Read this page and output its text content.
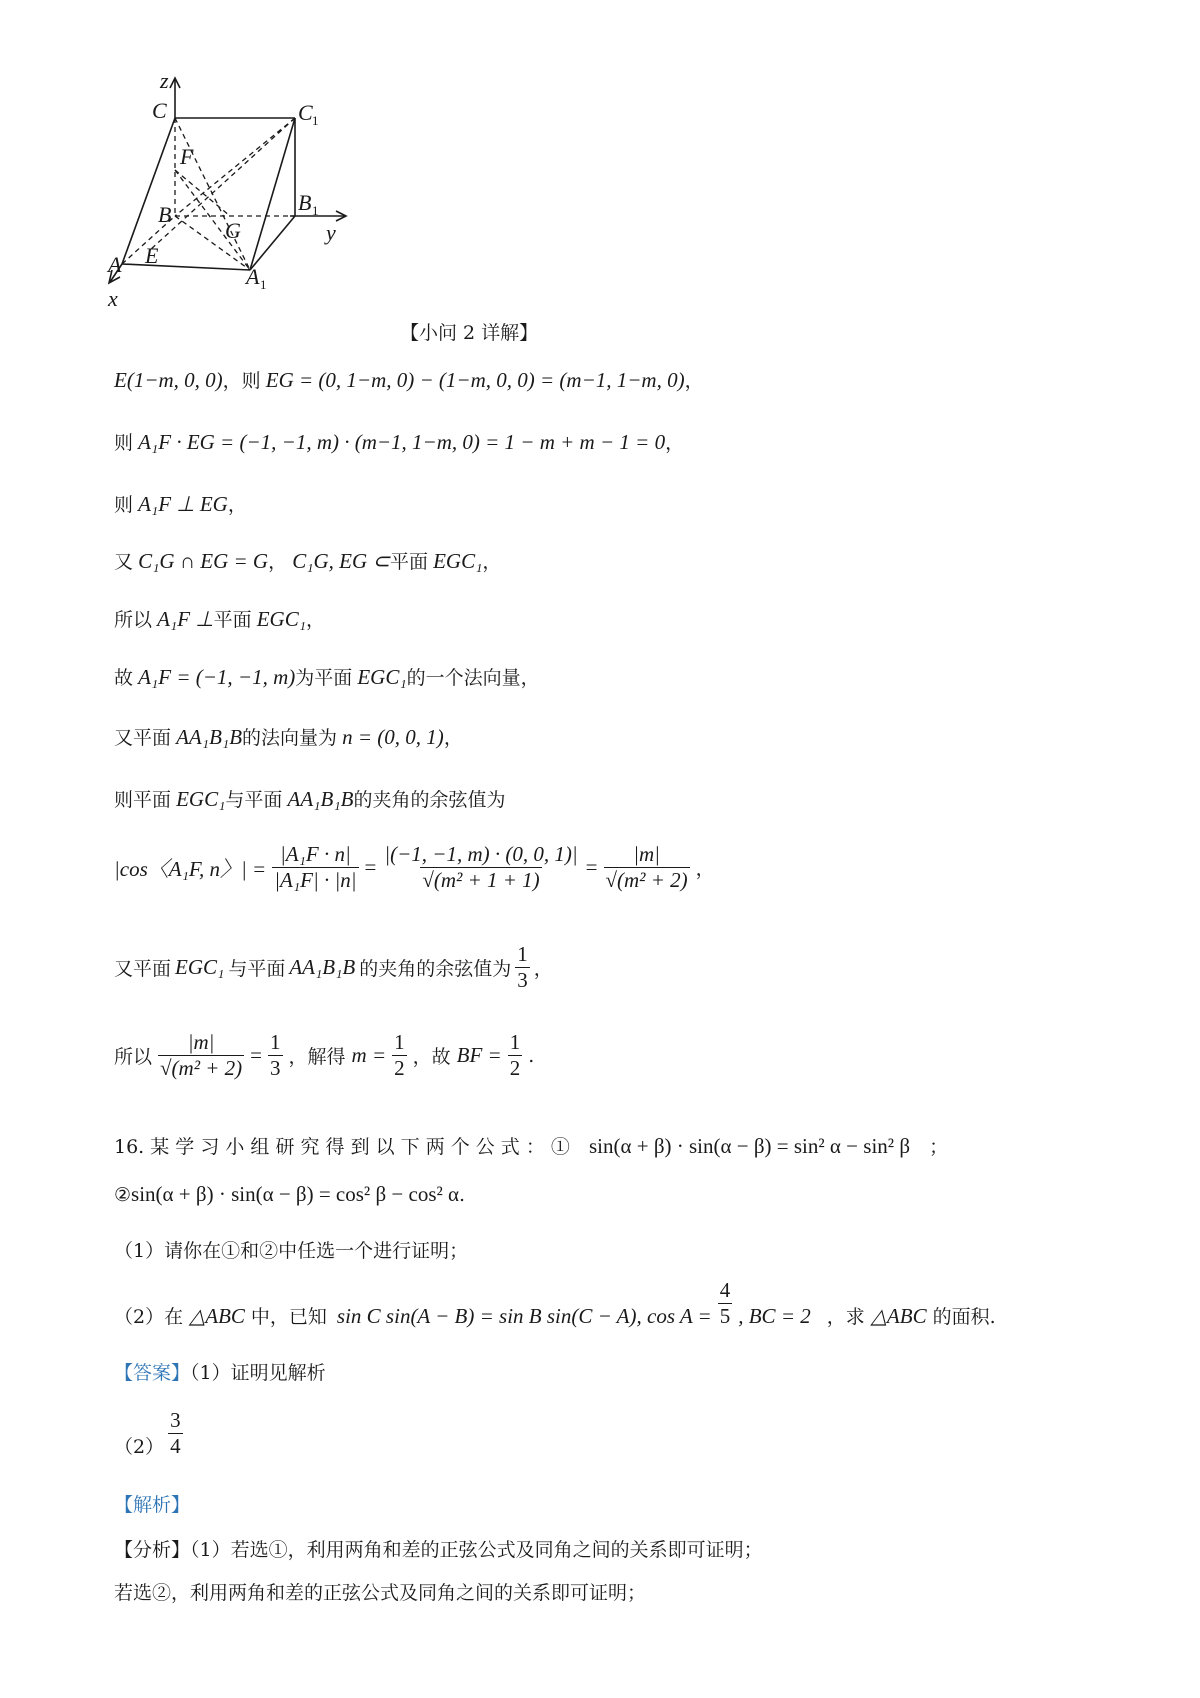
z
C	C 1
F
B
G
B 1
y
A E
A 1
x
【小问 2 详解】
E(1−m, 0, 0)，则 EG = (0, 1−m, 0) − (1−m, 0, 0) = (m−1, 1−m, 0)，
则 A₁F · EG = (−1, −1, m) · (m−1, 1−m, 0) = 1 − m + m − 1 = 0，
则 A₁F ⊥ EG，
又 C₁G ∩ EG = G， C₁G, EG ⊂平面 EGC₁，
所以 A₁F ⊥平面 EGC₁，
故 A₁F = (−1, −1, m)为平面 EGC₁的一个法向量，
又平面 AA₁B₁B的法向量为 n = (0, 0, 1)，
则平面 EGC₁与平面 AA₁B₁B的夹角的余弦值为
|cos〈A₁F, n〉| = $\frac{\text{|A₁F · n|}}{\text{|A₁F| · |n|}} = \frac{|(-1, -1, m) \cdot (0, 0, 1)|}{\text{√(m² + 1 + 1)}} = \frac{|m|}{\text{√(m² + 2)}}$ ，
又平面 EGC₁ 与平面 AA₁B₁B 的夹角的余弦值为 $\frac{1}{3}$ ，
所以 $\frac{|m|}{\text{√(m² + 2)}} = \frac{1}{3}$ ，解得 $m = \frac{1}{2}$ ，故 BF = $\frac{1}{2}$ .
16. 某 学 习 小 组 研 究 得 到 以 下 两 个 公 式 ： ① sin(α + β) · sin(α − β) = sin² α − sin² β ；
②sin(α + β) · sin(α − β) = cos² β − cos² α.
（1）请你在①和②中任选一个进行证明；
（2）在 △ABC 中，已知 sin C sin(A − B) = sin B sin(C − A), $\cos A = \frac{4}{5}$ , BC = 2 ，求 △ABC 的面积.
【答案】（1）证明见解析
$(2) \frac{3}{4}$
【解析】
【分析】（1）若选①，利用两角和差的正弦公式及同角之间的关系即可证明；
若选②，利用两角和差的正弦公式及同角之间的关系即可证明；
